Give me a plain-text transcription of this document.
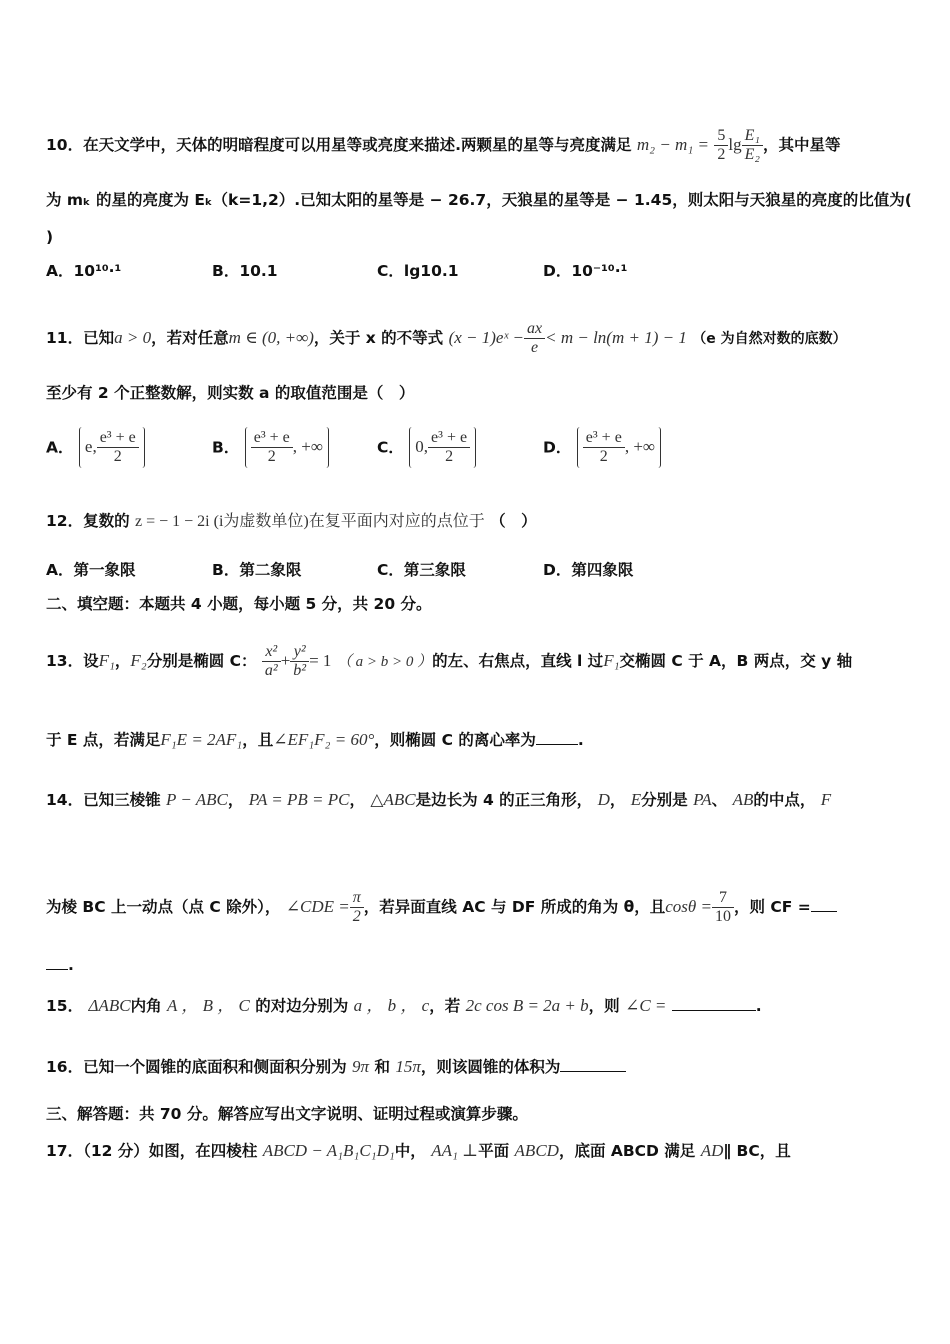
10．在天文学中，天体的明暗程度可以用星等或亮度来描述.两颗星的星等与亮度满足 $m_2 - m_1 = \frac{5}{2}$ $\lg \frac{\text{E₁}}{\text{E₂}}$ ，其中星等
为 mₖ 的星的亮度为 Eₖ（k=1,2）.已知太阳的星等是 − 26.7，天狼星的星等是 − 1.45，则太阳与天狼星的亮度的比值为(
)
A．10¹⁰·¹	B．10.1	C．lg10.1	D．10⁻¹⁰·¹
11．已知a > 0，若对任意m ∈ (0, +∞)，关于 x 的不等式 (x − 1)eˣ − $\frac{ax}{e} < m - \ln(m + 1) - 1$ （e 为自然对数的底数）
至少有 2 个正整数解，则实数 a 的取值范围是（　）
A． e, $\frac{\text{e³ + e}}{2}$	B． $\frac{\text{e³ + e}}{2}$ , +∞	C． 0, $\frac{\text{e³ + e}}{2}$	D． $\frac{\text{e³ + e}}{2}$ , +∞
12．复数的 z = − 1 − 2i (i为虚数单位)在复平面内对应的点位于 （　）
A．第一象限	B．第二象限	C．第三象限	D．第四象限
二、填空题：本题共 4 小题，每小题 5 分，共 20 分。
13．设F₁，F₂分别是椭圆 C： $\frac{\text{x²}}{\text{a²}} + \frac{\text{y²}}{\text{b²}} = 1$ （ a > b > 0 ）的左、右焦点，直线 l 过F₁交椭圆 C 于 A，B 两点，交 y 轴
于 E 点，若满足F₁E = 2AF₁，且∠EF₁F₂ = 60°，则椭圆 C 的离心率为	.
14．已知三棱锥 P − ABC， PA = PB = PC， △ABC是边长为 4 的正三角形， D， E分别是 PA、 AB的中点， F
为棱 BC 上一动点（点 C 除外）， ∠CDE = $\frac{\pi}{2}$ ，若异面直线 AC 与 DF 所成的角为 θ，且$\cos\theta = \frac{7}{10}$ ，则 CF =
.
15． ΔABC内角 A ， B ， C 的对边分别为 a ， b ， c，若 2c cos B = 2a + b，则 ∠C =	.
16．已知一个圆锥的底面积和侧面积分别为 9π 和 15π，则该圆锥的体积为
三、解答题：共 70 分。解答应写出文字说明、证明过程或演算步骤。
17．（12 分）如图，在四棱柱 ABCD − A₁B₁C₁D₁中， AA₁ ⊥平面 ABCD，底面 ABCD 满足 AD∥ BC，且
